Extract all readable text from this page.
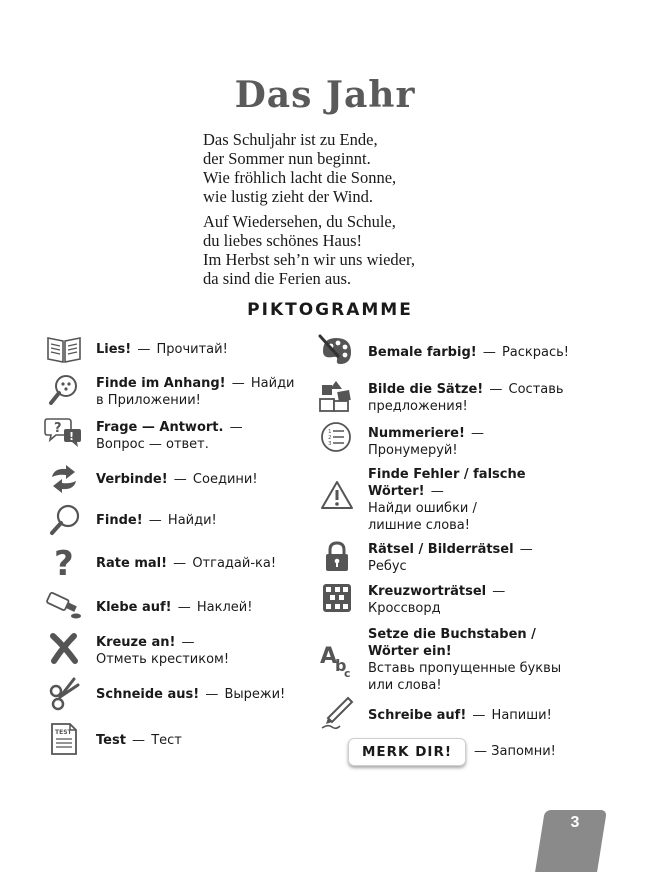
Das Jahr
Das Schuljahr ist zu Ende,
der Sommer nun beginnt.
Wie fröhlich lacht die Sonne,
wie lustig zieht der Wind.
Auf Wiedersehen, du Schule,
du liebes schönes Haus!
Im Herbst seh’n wir uns wieder,
da sind die Ferien aus.
PIKTOGRAMME
Lies! — Прочитай!
Finde im Anhang! — Найди
в Приложении!
?
!
Frage — Antwort. —
Вопрос — ответ.
Verbinde! — Соедини!
Finde! — Найди!
? Rate mal! — Отгадай-ка!
Klebe auf! — Наклей!
Kreuze an! —
Отметь крестиком!
Schneide aus! — Вырежи!
TEST
Test — Тест
Bemale farbig! — Раскрась!
Bilde die Sätze! — Составь
предложения!
1
2
3
Nummeriere! —
Пронумеруй!
Finde Fehler / falsche Wörter! —
Найди ошибки /
лишние слова!
Rätsel / Bilderrätsel —
Ребус
Kreuzworträtsel —
Кроссворд
A
b
c
Setze die Buchstaben / Wörter ein!
Вставь пропущенные буквы
или слова!
Schreibe auf! — Напиши!
MERK DIR!	— Запомни!
3
